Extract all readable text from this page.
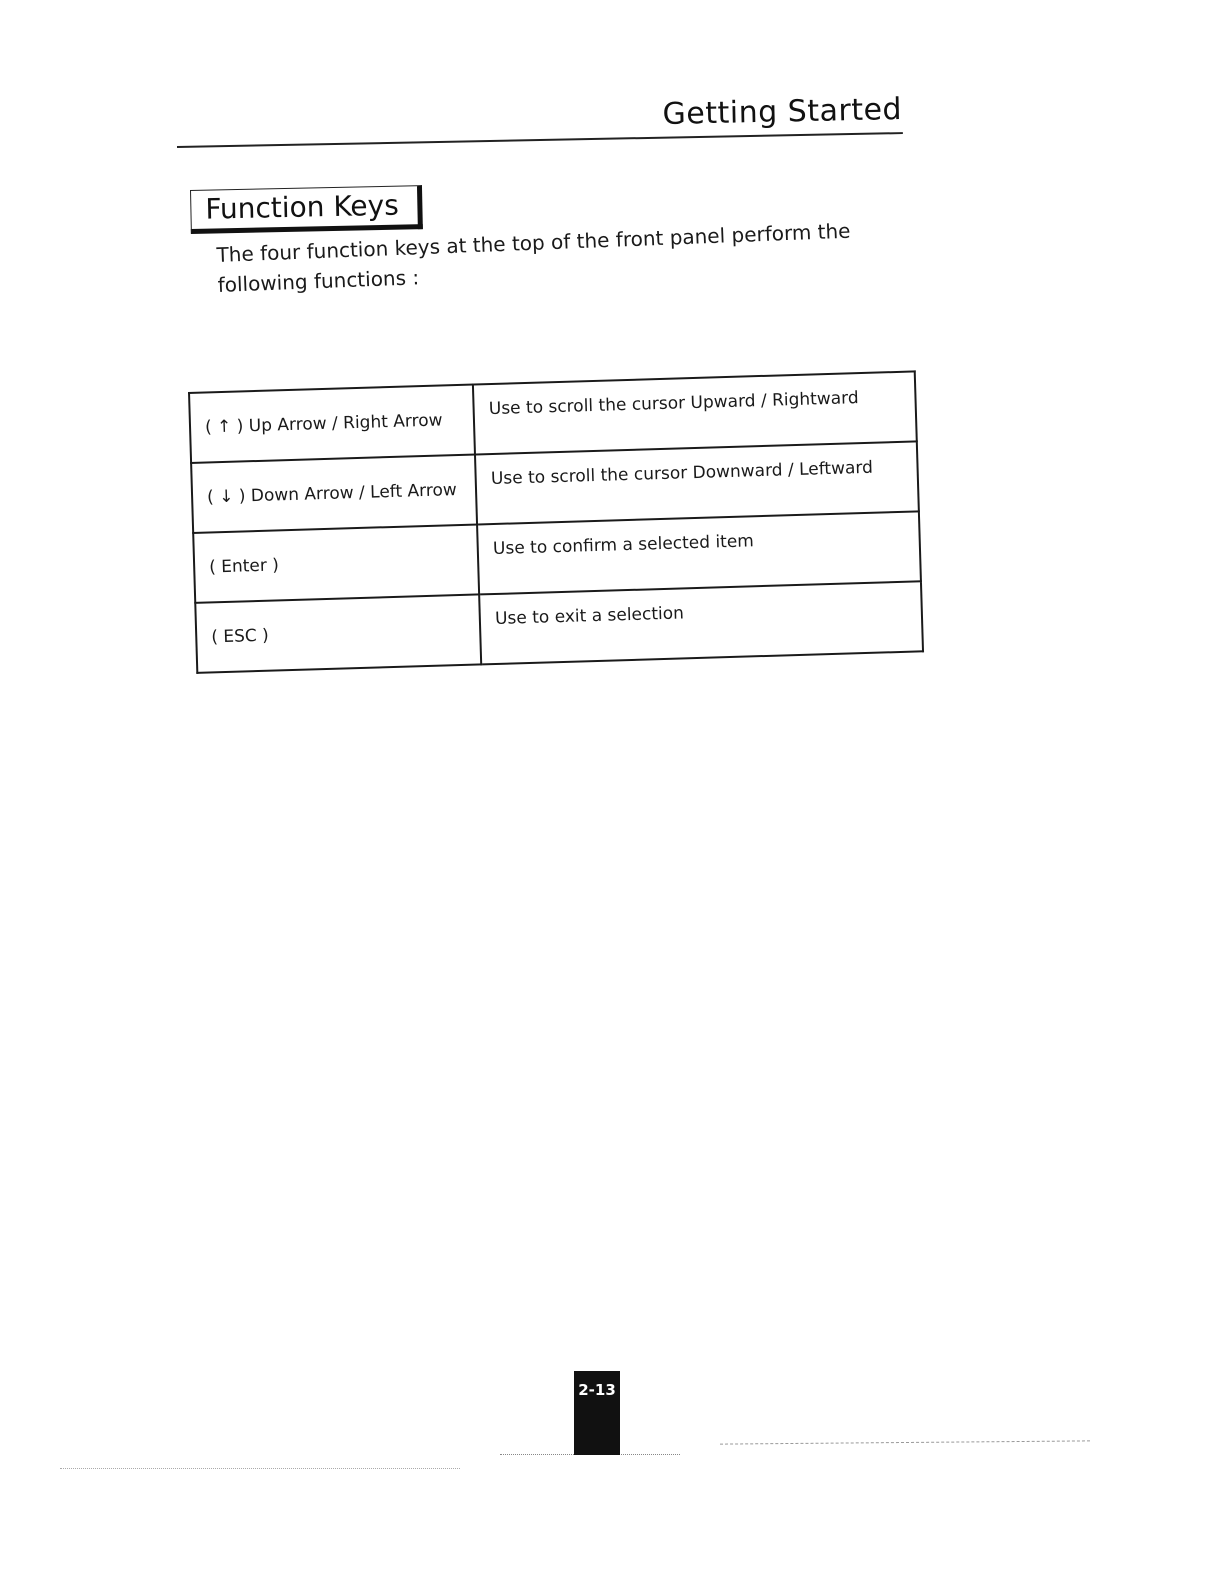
Getting Started
Function Keys
The four function keys at the top of the front panel perform the following functions :
( ↑ ) Up Arrow / Right Arrow	Use to scroll the cursor Upward / Rightward
( ↓ ) Down Arrow / Left Arrow	Use to scroll the cursor Downward / Leftward
( Enter )	Use to confirm a selected item
( ESC )	Use to exit a selection
2-13
